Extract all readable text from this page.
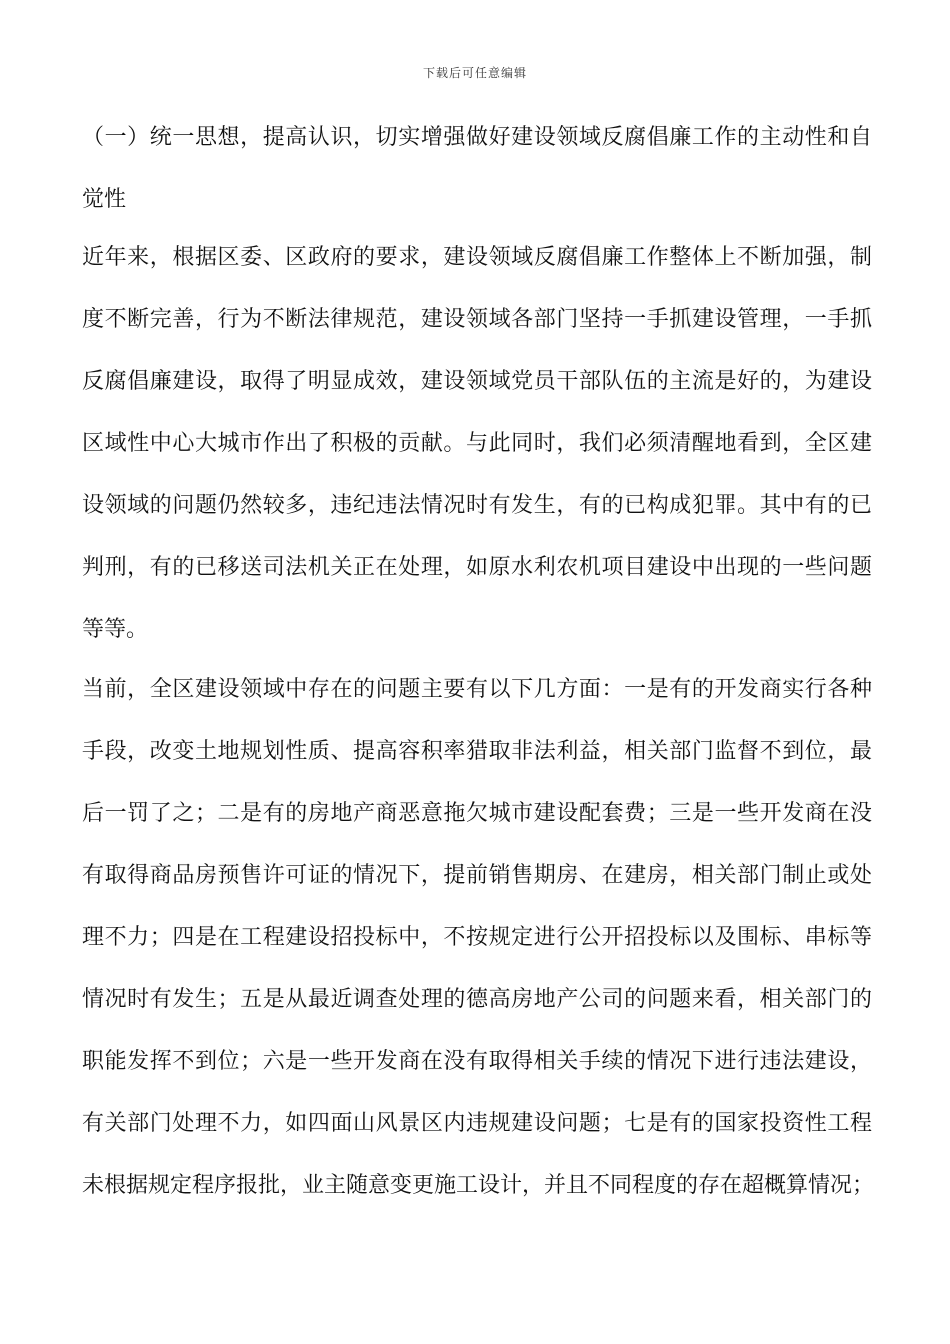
下载后可任意编辑
（一）统一思想，提高认识，切实增强做好建设领域反腐倡廉工作的主动性和自
觉性
近年来，根据区委、区政府的要求，建设领域反腐倡廉工作整体上不断加强，制
度不断完善，行为不断法律规范，建设领域各部门坚持一手抓建设管理，一手抓
反腐倡廉建设，取得了明显成效，建设领域党员干部队伍的主流是好的，为建设
区域性中心大城市作出了积极的贡献。与此同时，我们必须清醒地看到，全区建
设领域的问题仍然较多，违纪违法情况时有发生，有的已构成犯罪。其中有的已
判刑，有的已移送司法机关正在处理，如原水利农机项目建设中出现的一些问题
等等。
当前，全区建设领域中存在的问题主要有以下几方面：一是有的开发商实行各种
手段，改变土地规划性质、提高容积率猎取非法利益，相关部门监督不到位，最
后一罚了之；二是有的房地产商恶意拖欠城市建设配套费；三是一些开发商在没
有取得商品房预售许可证的情况下，提前销售期房、在建房，相关部门制止或处
理不力；四是在工程建设招投标中，不按规定进行公开招投标以及围标、串标等
情况时有发生；五是从最近调查处理的德高房地产公司的问题来看，相关部门的
职能发挥不到位；六是一些开发商在没有取得相关手续的情况下进行违法建设，
有关部门处理不力，如四面山风景区内违规建设问题；七是有的国家投资性工程
未根据规定程序报批，业主随意变更施工设计，并且不同程度的存在超概算情况；
